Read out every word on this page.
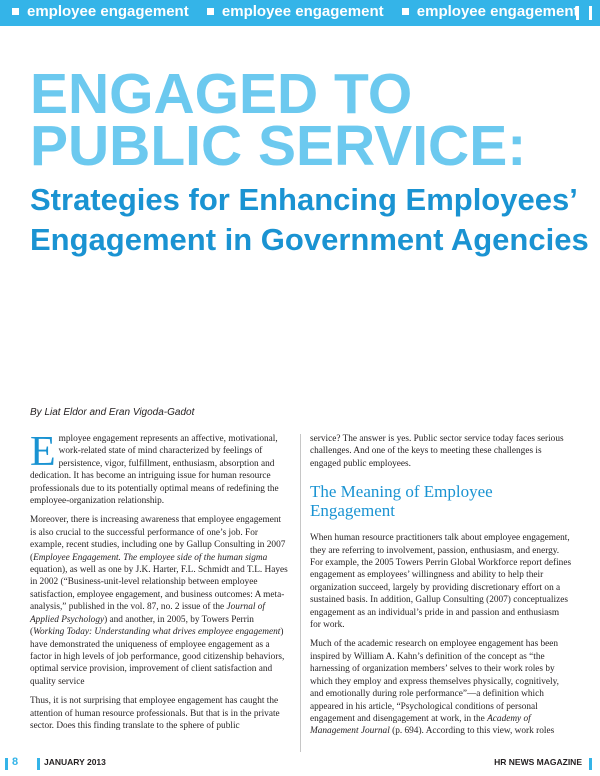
employee engagement employee engagement employee engagement
ENGAGED TO
PUBLIC SERVICE:
Strategies for Enhancing Employees’ Engagement in Government Agencies
By Liat Eldor and Eran Vigoda-Gadot

Employee engagement represents an affective, motivational, work-related state of mind characterized by feelings of persistence, vigor, fulfillment, enthusiasm, absorption and dedication. It has become an intriguing issue for human resource professionals due to its potentially optimal means of redefining the employee-organization relationship.

Moreover, there is increasing awareness that employee engagement is also crucial to the successful performance of one’s job. For example, recent studies, including one by Gallup Consulting in 2007 (Employee Engagement. The employee side of the human sigma equation), as well as one by J.K. Harter, F.L. Schmidt and T.L. Hayes in 2002 (“Business-unit-level relationship between employee satisfaction, employee engagement, and business outcomes: A meta-analysis,” published in the vol. 87, no. 2 issue of the Journal of Applied Psychology) and another, in 2005, by Towers Perrin (Working Today: Understanding what drives employee engagement) have demonstrated the uniqueness of employee engagement as a factor in high levels of job performance, good citizenship behaviors, optimal service provision, improvement of client satisfaction and quality service

Thus, it is not surprising that employee engagement has caught the attention of human resource professionals. But that is in the private sector. Does this finding translate to the sphere of public

service? The answer is yes. Public sector service today faces serious challenges. And one of the keys to meeting these challenges is engaged public employees.

The Meaning of Employee Engagement

When human resource practitioners talk about employee engagement, they are referring to involvement, passion, enthusiasm, and energy. For example, the 2005 Towers Perrin Global Workforce report defines engagement as employees’ willingness and ability to help their organization succeed, largely by providing discretionary effort on a sustained basis. In addition, Gallup Consulting (2007) conceptualizes engagement as an individual’s pride in and passion and enthusiasm for work.

Much of the academic research on employee engagement has been inspired by William A. Kahn’s definition of the concept as “the harnessing of organization members’ selves to their work roles by which they employ and express themselves physically, cognitively, and emotionally during role performance”—a definition which appeared in his article, “Psychological conditions of personal engagement and disengagement at work, in the Academy of Management Journal (p. 694). According to this view, work roles

8	JANUARY 2013	HR NEWS MAGAZINE
